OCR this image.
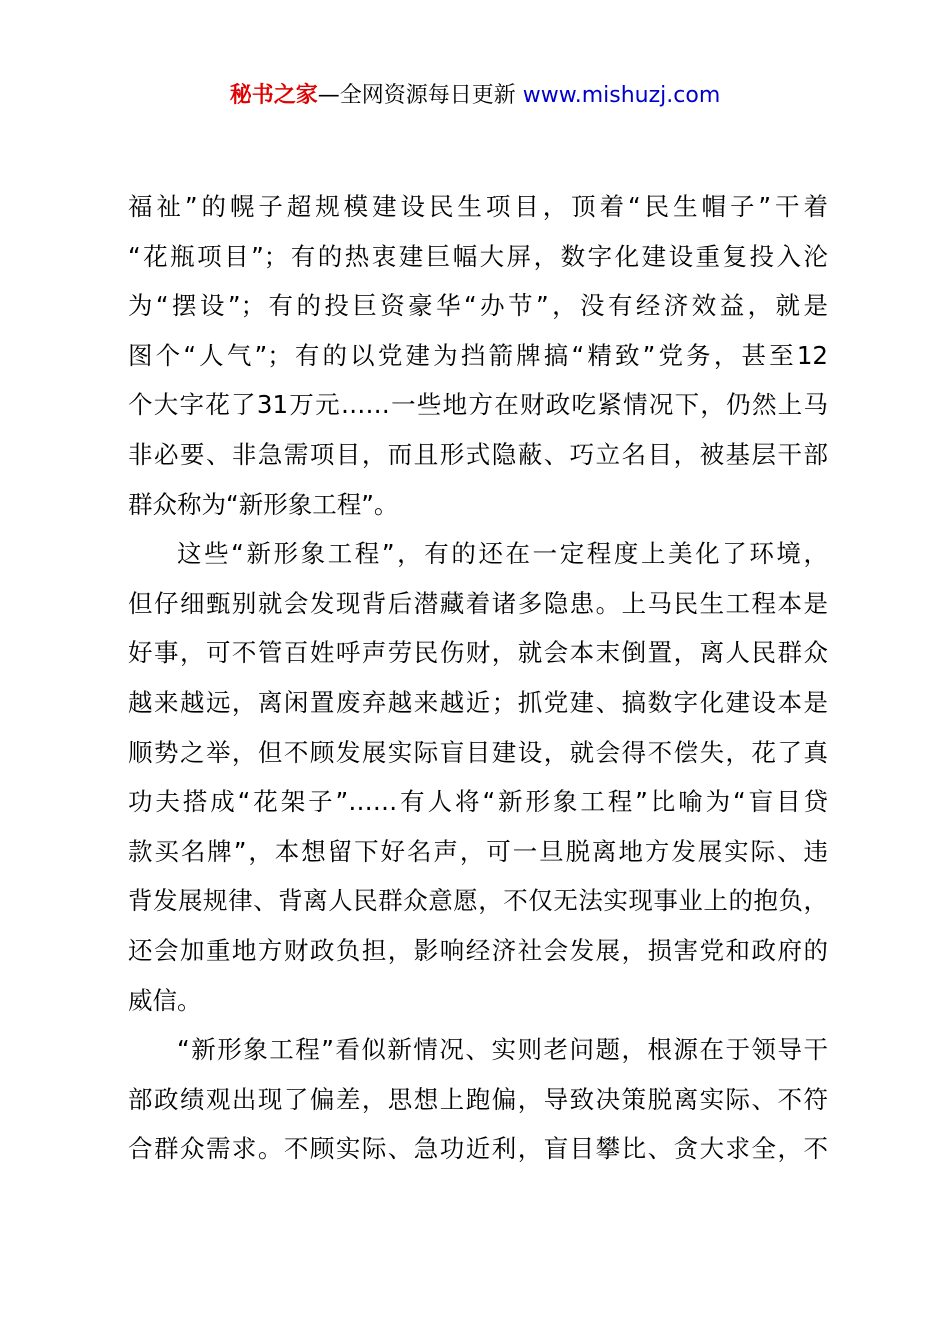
秘书之家—全网资源每日更新 www.mishuzj.com
福祉”的幌子超规模建设民生项目，顶着“民生帽子”干着
“花瓶项目”；有的热衷建巨幅大屏，数字化建设重复投入沦
为“摆设”；有的投巨资豪华“办节”，没有经济效益，就是
图个“人气”；有的以党建为挡箭牌搞“精致”党务，甚至12
个大字花了31万元……一些地方在财政吃紧情况下，仍然上马
非必要、非急需项目，而且形式隐蔽、巧立名目，被基层干部
群众称为“新形象工程”。
这些“新形象工程”，有的还在一定程度上美化了环境，
但仔细甄别就会发现背后潜藏着诸多隐患。上马民生工程本是
好事，可不管百姓呼声劳民伤财，就会本末倒置，离人民群众
越来越远，离闲置废弃越来越近；抓党建、搞数字化建设本是
顺势之举，但不顾发展实际盲目建设，就会得不偿失，花了真
功夫搭成“花架子”……有人将“新形象工程”比喻为“盲目贷
款买名牌”，本想留下好名声，可一旦脱离地方发展实际、违
背发展规律、背离人民群众意愿，不仅无法实现事业上的抱负，
还会加重地方财政负担，影响经济社会发展，损害党和政府的
威信。
“新形象工程”看似新情况、实则老问题，根源在于领导干
部政绩观出现了偏差，思想上跑偏，导致决策脱离实际、不符
合群众需求。不顾实际、急功近利，盲目攀比、贪大求全，不
